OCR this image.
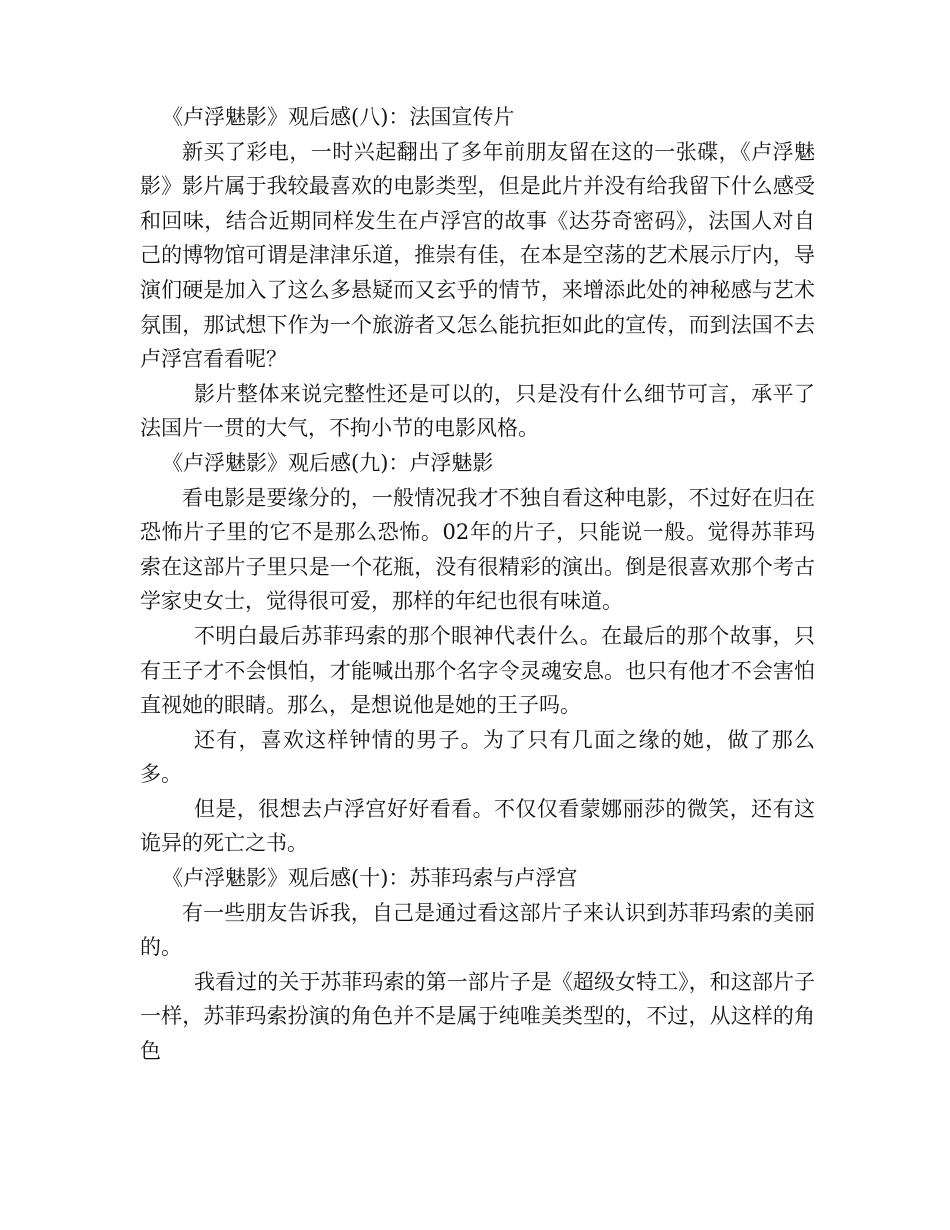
《卢浮魅影》观后感(八)：法国宣传片

新买了彩电，一时兴起翻出了多年前朋友留在这的一张碟，《卢浮魅影》影片属于我较最喜欢的电影类型，但是此片并没有给我留下什么感受和回味，结合近期同样发生在卢浮宫的故事《达芬奇密码》，法国人对自己的博物馆可谓是津津乐道，推崇有佳，在本是空荡的艺术展示厅内，导演们硬是加入了这么多悬疑而又玄乎的情节，来增添此处的神秘感与艺术氛围，那试想下作为一个旅游者又怎么能抗拒如此的宣传，而到法国不去卢浮宫看看呢？

影片整体来说完整性还是可以的，只是没有什么细节可言，承平了法国片一贯的大气，不拘小节的电影风格。

《卢浮魅影》观后感(九)：卢浮魅影

看电影是要缘分的，一般情况我才不独自看这种电影，不过好在归在恐怖片子里的它不是那么恐怖。02年的片子，只能说一般。觉得苏菲玛索在这部片子里只是一个花瓶，没有很精彩的演出。倒是很喜欢那个考古学家史女士，觉得很可爱，那样的年纪也很有味道。

不明白最后苏菲玛索的那个眼神代表什么。在最后的那个故事，只有王子才不会惧怕，才能喊出那个名字令灵魂安息。也只有他才不会害怕直视她的眼睛。那么，是想说他是她的王子吗。

还有，喜欢这样钟情的男子。为了只有几面之缘的她，做了那么多。

但是，很想去卢浮宫好好看看。不仅仅看蒙娜丽莎的微笑，还有这诡异的死亡之书。

《卢浮魅影》观后感(十)：苏菲玛索与卢浮宫

有一些朋友告诉我，自己是通过看这部片子来认识到苏菲玛索的美丽的。

我看过的关于苏菲玛索的第一部片子是《超级女特工》，和这部片子一样，苏菲玛索扮演的角色并不是属于纯唯美类型的，不过，从这样的角色
